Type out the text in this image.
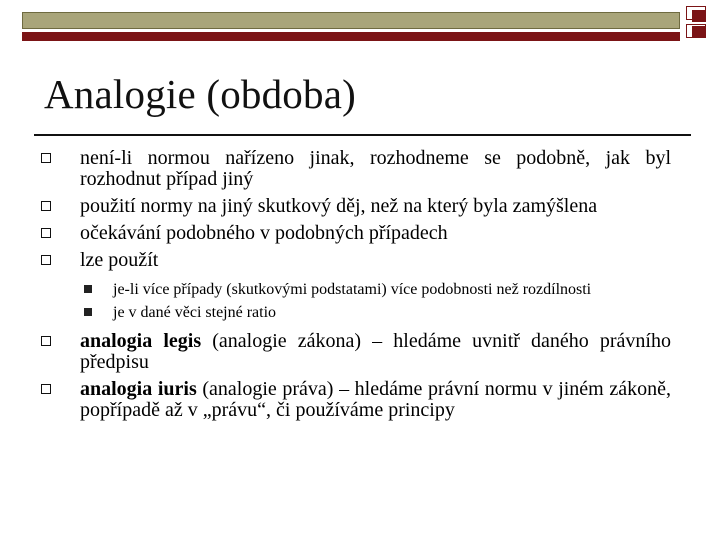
Analogie (obdoba)
není-li normou nařízeno jinak, rozhodneme se podobně, jak byl rozhodnut případ jiný
použití normy na jiný skutkový děj, než na který byla zamýšlena
očekávání podobného v podobných případech
lze použít
je-li více případy (skutkovými podstatami) více podobnosti než rozdílnosti
je v dané věci stejné ratio
analogia legis (analogie zákona) – hledáme uvnitř daného právního předpisu
analogia iuris (analogie práva) – hledáme právní normu v jiném zákoně, popřípadě až v „právu“, či používáme principy
